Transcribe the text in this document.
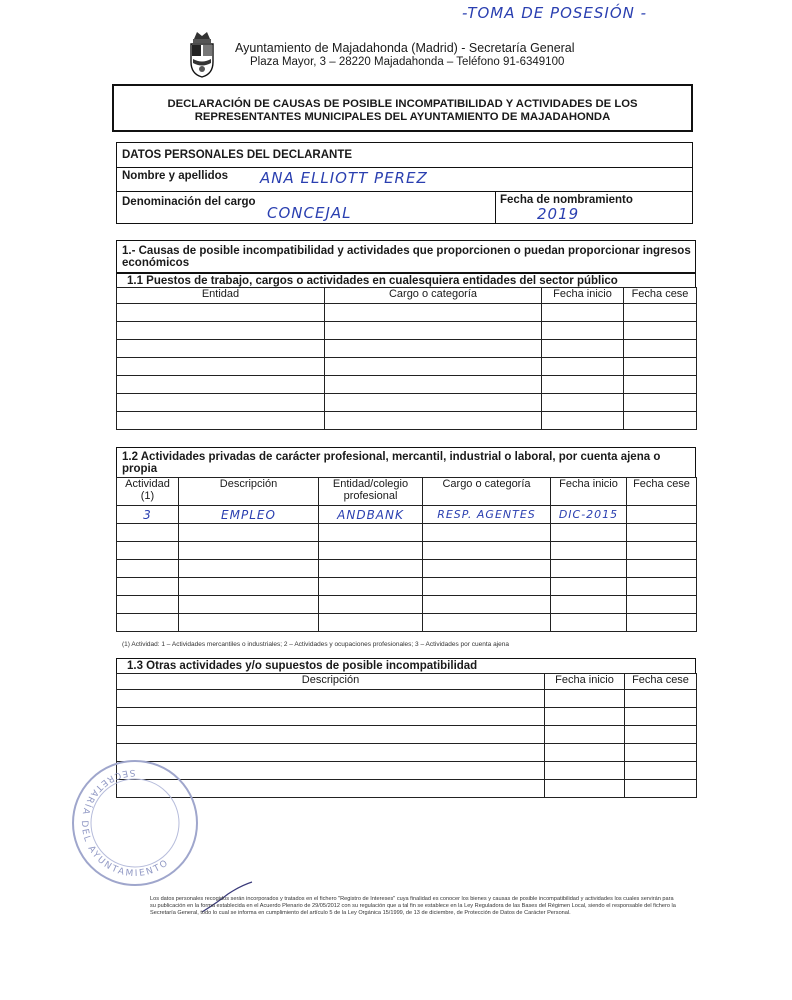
-TOMA DE POSESIÓN -
Ayuntamiento de Majadahonda (Madrid) - Secretaría General
Plaza Mayor, 3 – 28220 Majadahonda – Teléfono 91-6349100
DECLARACIÓN DE CAUSAS DE POSIBLE INCOMPATIBILIDAD Y ACTIVIDADES DE LOS
REPRESENTANTES MUNICIPALES DEL AYUNTAMIENTO DE MAJADAHONDA
DATOS PERSONALES DEL DECLARANTE
Nombre y apellidos ANA ELLIOTT PEREZ
Denominación del cargo
CONCEJAL
Fecha de nombramiento
2019
1.- Causas de posible incompatibilidad y actividades que proporcionen o puedan proporcionar ingresos
económicos
1.1 Puestos de trabajo, cargos o actividades en cualesquiera entidades del sector público
Entidad	Cargo o categoría	Fecha inicio	Fecha cese

1.2 Actividades privadas de carácter profesional, mercantil, industrial o laboral, por cuenta ajena o
propia
Actividad (1)	Descripción	Entidad/colegio profesional	Cargo o categoría	Fecha inicio	Fecha cese
3	EMPLEO	ANDBANK	RESP. AGENTES	DIC-2015	

(1) Actividad: 1 – Actividades mercantiles o industriales; 2 – Actividades y ocupaciones profesionales; 3 – Actividades por cuenta ajena
1.3 Otras actividades y/o supuestos de posible incompatibilidad
Descripción	Fecha inicio	Fecha cese

SECRETARÍA DEL AYUNTAMIENTO
Los datos personales recogidos serán incorporados y tratados en el fichero "Registro de Intereses" cuya finalidad es conocer los bienes y causas de posible incompatibilidad y actividades los cuales servirán para su publicación en la forma establecida en el Acuerdo Plenario de 29/05/2012 con su regulación que a tal fin se establece en la Ley Reguladora de las Bases del Régimen Local, siendo el responsable del fichero la Secretaría General, todo lo cual se informa en cumplimiento del artículo 5 de la Ley Orgánica 15/1999, de 13 de diciembre, de Protección de Datos de Carácter Personal.
